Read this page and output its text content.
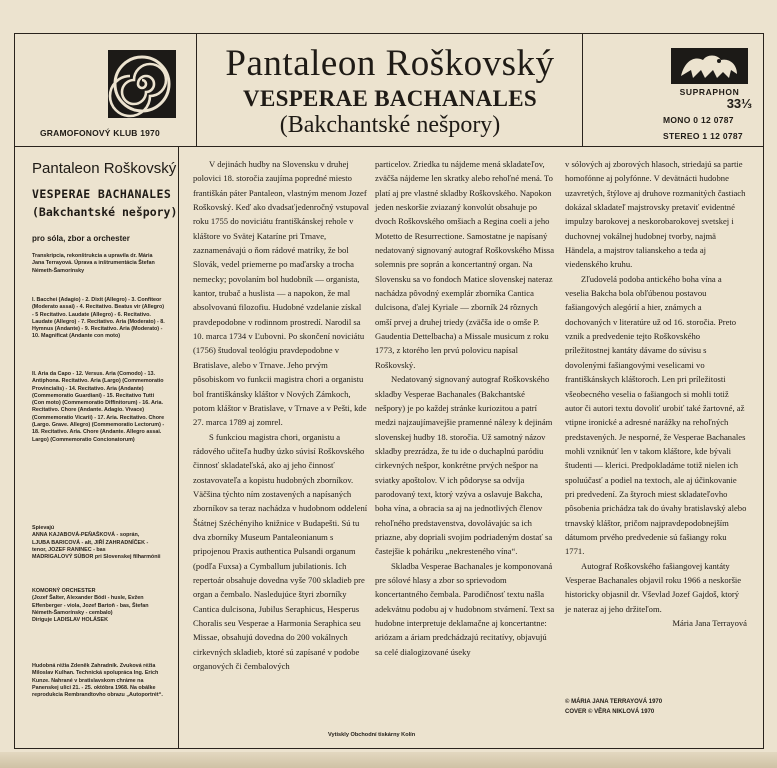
GRAMOFONOVÝ KLUB 1970
Pantaleon Roškovský
VESPERAE BACHANALES
(Bakchantské nešpory)
SUPRAPHON
33⅓
MONO 0 12 0787
STEREO 1 12 0787
Pantaleon Roškovský
VESPERAE BACHANALES
(Bakchantské nešpory)
pro sóla, zbor a orchester

Transkripcia, rekonštrukcia a upravila dr. Mária Jana Terrayová. Úprava a inštrumentácia Štefan Németh-Šamorínsky

I. Bacchei (Adagio) - 2. Dixit (Allegro) - 3. Confiteor (Moderato assai) - 4. Recitativo. Beatus vir (Allegro) - 5 Recitativo. Laudate (Allegro) - 6. Recitativo. Laudate (Allegro) - 7. Recitativo. Aria (Moderato) - 8. Hymnus (Andante) - 9. Recitativo. Aria (Moderato) - 10. Magnificat (Andante con moto)

II. Aria da Capo - 12. Versus. Aria (Comodo) - 13. Antiphona. Recitativo. Aria (Largo) (Commemoratio Provincialis) - 14. Recitativo. Aria (Andante) (Commemoratio Guardiani) - 15. Recitativo Tutti (Con moto) (Commemoratio Diffinitorum) - 16. Aria. Recitativo. Chore (Andante. Adagio. Vivace) (Commemoratio Vicarii) - 17. Aria. Recitativo. Chore (Largo. Grave. Allegro) (Commemoratio Lectorum) - 18. Recitativo. Aria. Chore (Andante. Allegro assai. Largo) (Commemoratio Concionatorum)

Spievajú

ANNA KAJABOVÁ-PEŇAŠKOVÁ - soprán,

LJUBA BARICOVÁ - alt, JIŘÍ ZAHRADNÍČEK -

tenor, JOZEF RANINEC - bas

MADRIGALOVÝ SÚBOR pri Slovenskej filharmónii

KOMORNÝ ORCHESTER

(Jozef Šalter, Alexander Bódi - husle, Evžen Effenberger - viola, Jozef Bartoň - bas, Štefan Németh-Šamorínsky - cembalo)

Diriguje LADISLAV HOLÁSEK

Hudobná réžia Zdeněk Zahradník. Zvuková réžia Miloslav Kulhan. Technická spolupráca Ing. Erich Kunze. Nahrané v bratislavskom chráme na Panenskej ulici 21. - 25. októbra 1968. Na obálke reprodukcia Rembrandtovho obrazu „Autoportrét“.

V dejinách hudby na Slovensku v druhej polovici 18. storočia zaujíma popredné miesto františkán páter Pantaleon, vlastným menom Jozef Roškovský. Keď ako dvadsaťjedenročný vstupoval roku 1755 do noviciátu františkánskej rehole v kláštore vo Svätej Kataríne pri Trnave, zaznamenávajú o ňom rádové matriky, že bol Slovák, vedel priemerne po maďarsky a trocha nemecky; povolaním bol hudobník — organista, kantor, trubač a huslista — a napokon, že mal absolvovanú filozofiu. Hudobné vzdelanie získal pravdepodobne v rodinnom prostredí. Narodil sa 10. marca 1734 v Ľubovni. Po skončení noviciátu (1756) študoval teológiu pravdepodobne v Bratislave, alebo v Trnave. Jeho prvým pôsobiskom vo funkcii magistra chori a organistu bol františkánsky kláštor v Nových Zámkoch, potom kláštor v Bratislave, v Trnave a v Pešti, kde 27. marca 1789 aj zomrel.

S funkciou magistra chori, organistu a rádového učiteľa hudby úzko súvisí Roškovského činnosť skladateľská, ako aj jeho činnosť zostavovateľa a kopistu hudobných zborníkov. Väčšina týchto ním zostavených a napísaných zborníkov sa teraz nachádza v hudobnom oddelení Štátnej Széchényiho knižnice v Budapešti. Sú tu dva zborníky Museum Pantaleonianum s pripojenou Praxis authentica Pulsandi organum (podľa Fuxsa) a Cymballum jubilationis. Ich repertoár obsahuje dovedna vyše 700 skladieb pre organ a čembalo. Nasledujúce štyri zborníky Cantica dulcisona, Jubilus Seraphicus, Hesperus Choralis seu Vesperae a Harmonia Seraphica seu Missae, obsahujú dovedna do 200 vokálnych cirkevných skladieb, ktoré sú zapísané v podobe organových či čembalových

particelov. Zriedka tu nájdeme mená skladateľov, zväčša nájdeme len skratky alebo rehoľné mená. To platí aj pre vlastné skladby Roškovského. Napokon jeden neskoršie zviazaný konvolút obsahuje po dvoch Roškovského omšiach a Regina coeli a jeho Motetto de Resurrectione. Samostatne je napísaný nedatovaný signovaný autograf Roškovského Missa solemnis pre soprán a koncertantný organ. Na Slovensku sa vo fondoch Matice slovenskej nateraz nachádza pôvodný exemplár zborníka Cantica dulcisona, ďalej Kyriale — zborník 24 rôznych omší prvej a druhej triedy (zväčša ide o omše P. Gaudentia Dettelbacha) a Missale musicum z roku 1773, z ktorého len prvú polovicu napísal Roškovský.

Nedatovaný signovaný autograf Roškovského skladby Vesperae Bachanales (Bakchantské nešpory) je po každej stránke kuriozitou a patrí medzi najzaujímavejšie pramenné náleзy k dejinám slovenskej hudby 18. storočia. Už samotný názov skladby prezrádza, že tu ide o duchaplnú paródiu cirkevných nešpor, konkrétne prvých nešpor na sviatky apoštolov. V ich pôdoryse sa odvíja parodovaný text, ktorý vzýva a oslavuje Bakcha, boha vína, a obracia sa aj na jednotlivých členov rehoľného predstavenstva, dovolávajúc sa ich priazne, aby dopriali svojim podriadeným dostať sa častejšie k poháriku „nekresteného vína“.

Skladba Vesperae Bachanales je komponovaná pre sólové hlasy a zbor so sprievodom koncertantného čembala. Parodičnosť textu našla adekvátnu podobu aj v hudobnom stvárnení. Text sa hudobne interpretuje deklamačne aj koncertantne: ariózam a áriam predchádzajú recitatívy, objavujú sa celé dialogizované úseky

v sólových aj zborových hlasoch, striedajú sa partie homofónne aj polyfónne. V devätnácti hudobne uzavretých, štýlove aj druhove rozmanitých častiach dokázal skladateľ majstrovsky pretaviť evidentné impulzy barokovej a neskorobarokovej svetskej i duchovnej vokálnej hudobnej tvorby, najmä Händela, a majstrov talianskeho a teda aj viedenského kruhu.

Zľudovelá podoba antického boha vína a veselia Bakcha bola obľúbenou postavou fašiangových alegórií a hier, známych a dochovaných v literatúre už od 16. storočia. Preto vznik a predvedenie tejto Roškovského príležitostnej kantáty dávame do súvisu s dovolenými fašiangovými veselicami vo františkánskych kláštoroch. Len pri príležitosti všeobecného veselia o fašiangoch si mohli totiž autor či autori textu dovoliť urobiť také žartovné, až vtipne ironické a adresné narážky na rehoľných predstavených. Je nesporné, že Vesperae Bachanales mohli vzniknúť len v takom kláštore, kde bývali študenti — klerici. Predpokladáme totiž nielen ich spoluúčasť a podiel na textoch, ale aj účinkovanie pri predvedení. Za štyroch miest skladateľovho pôsobenia prichádza tak do úvahy bratislavský alebo trnavský kláštor, pričom najpravdepodobnejším dátumom prvého predvedenie sú fašiangy roku 1771.

Autograf Roškovského fašiangovej kantáty Vesperae Bachanales objavil roku 1966 a neskoršie historicky objasnil dr. Vševlad Jozef Gajdoš, ktorý je nateraz aj jeho držiteľom.

Mária Jana Terrayová

© MÁRIA JANA TERRAYOVÁ 1970
COVER © VĚRA NIKLOVÁ 1970
Vytiskly Obchodní tiskárny Kolín
